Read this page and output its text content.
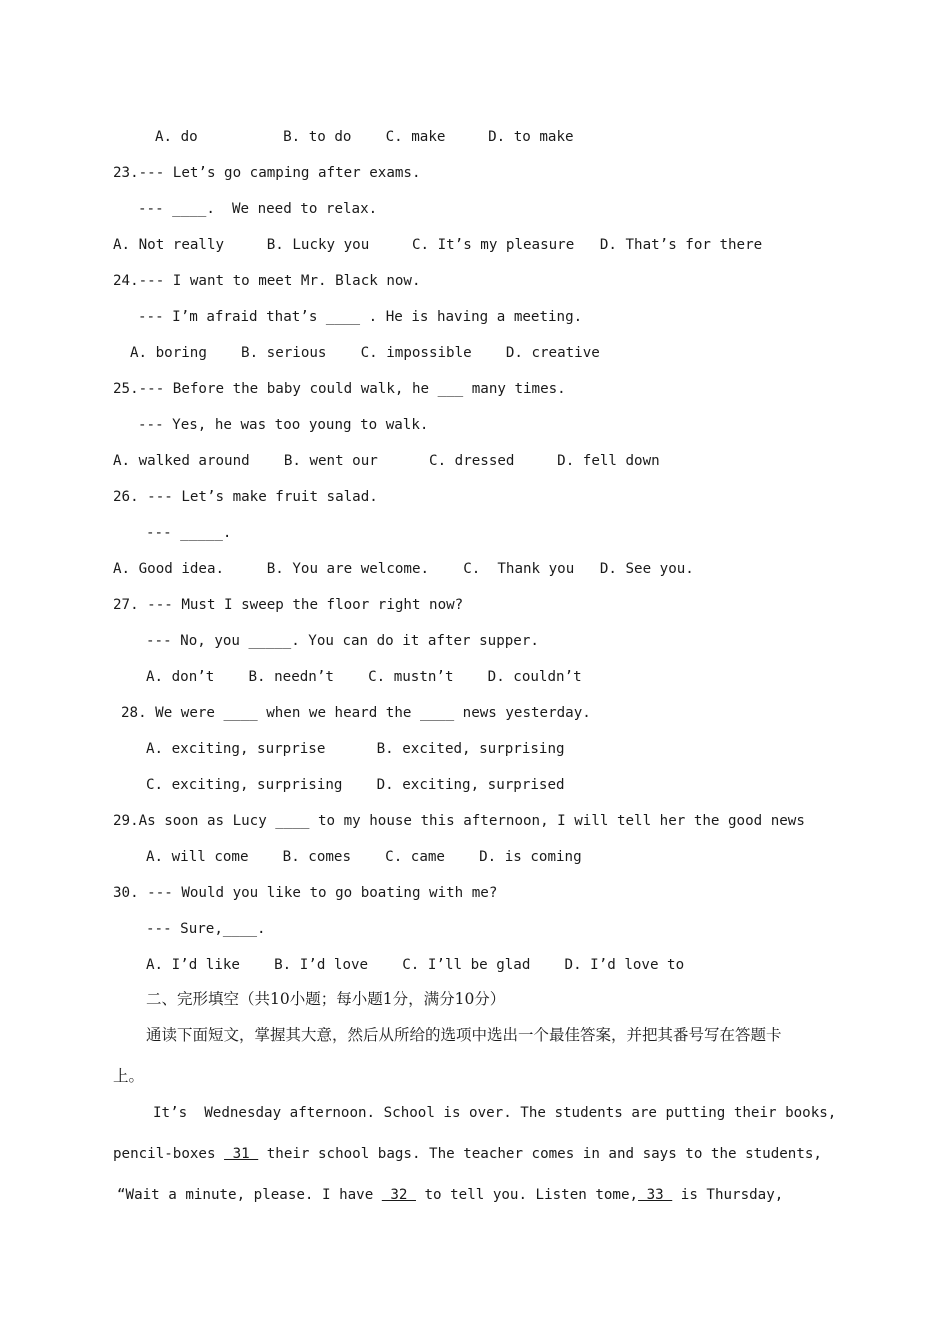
A. do          B. to do    C. make     D. to make
23.--- Let’s go camping after exams.
--- ____.  We need to relax.
A. Not really     B. Lucky you     C. It’s my pleasure   D. That’s for there
24.--- I want to meet Mr. Black now.
--- I’m afraid that’s ____ . He is having a meeting.
A. boring    B. serious    C. impossible    D. creative
25.--- Before the baby could walk, he ___ many times.
--- Yes, he was too young to walk.
A. walked around    B. went our      C. dressed     D. fell down
26. --- Let’s make fruit salad.
--- _____.
A. Good idea.     B. You are welcome.    C.  Thank you   D. See you.
27. --- Must I sweep the floor right now?
--- No, you _____. You can do it after supper.
A. don’t    B. needn’t    C. mustn’t    D. couldn’t
28. We were ____ when we heard the ____ news yesterday.
A. exciting, surprise      B. excited, surprising
C. exciting, surprising    D. exciting, surprised
29.As soon as Lucy ____ to my house this afternoon, I will tell her the good news
A. will come    B. comes    C. came    D. is coming
30. --- Would you like to go boating with me?
--- Sure,____.
A. I’d like    B. I’d love    C. I’ll be glad    D. I’d love to
二、完形填空（共10小题；每小题1分，满分10分）
通读下面短文，掌握其大意，然后从所给的选项中选出一个最佳答案，并把其番号写在答题卡
上。
It’s  Wednesday afternoon. School is over. The students are putting their books,
pencil-boxes  31  their school bags. The teacher comes in and says to the students,
“Wait a minute, please. I have  32  to tell you. Listen tome, 33  is Thursday,
